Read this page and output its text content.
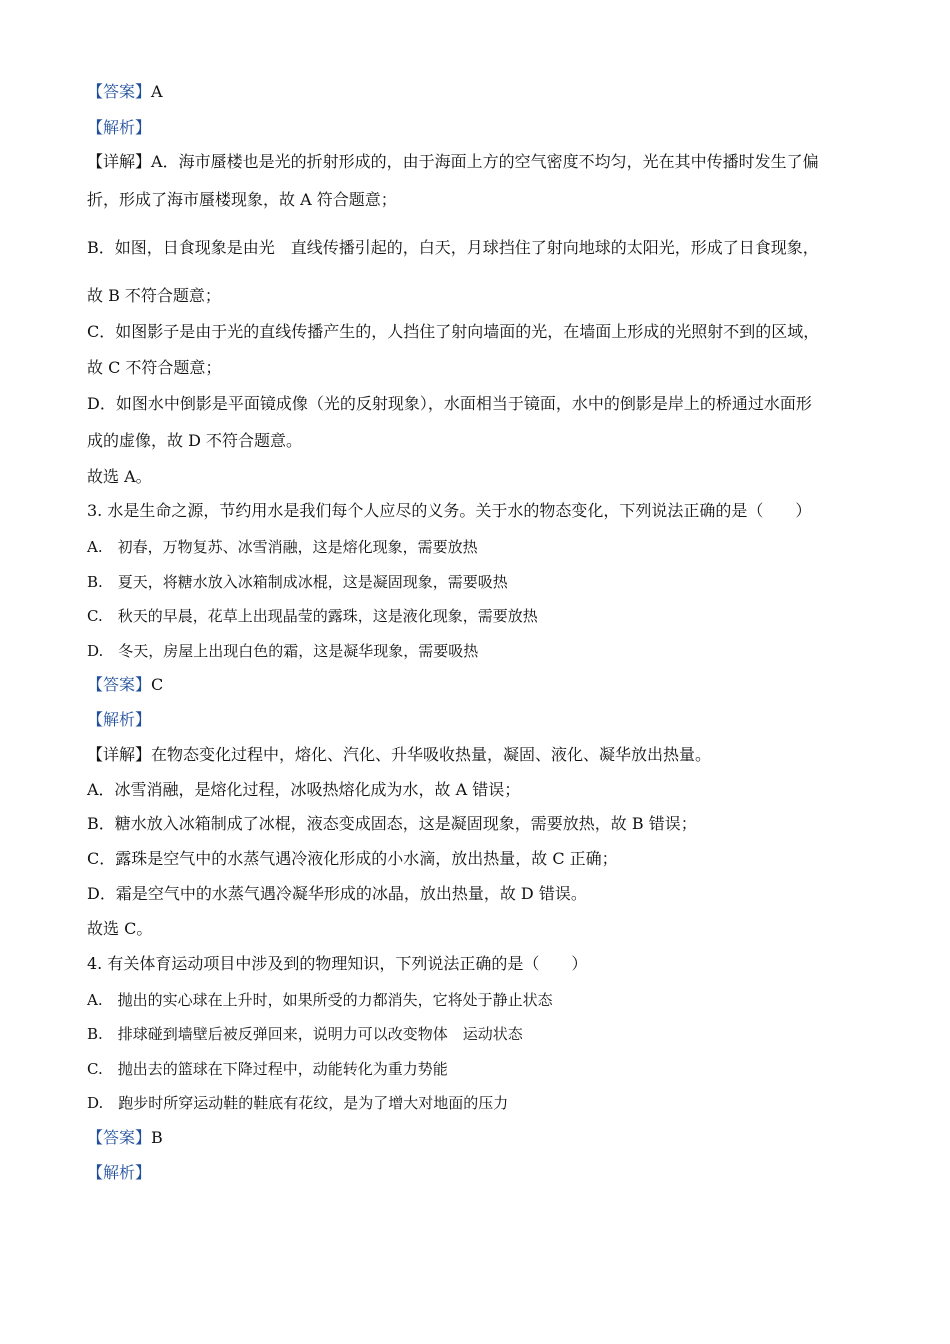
【答案】A
【解析】
【详解】A．海市蜃楼也是光的折射形成的，由于海面上方的空气密度不均匀，光在其中传播时发生了偏
折，形成了海市蜃楼现象，故 A 符合题意；
B．如图，日食现象是由光　直线传播引起的，白天，月球挡住了射向地球的太阳光，形成了日食现象，
故 B 不符合题意；
C．如图影子是由于光的直线传播产生的，人挡住了射向墙面的光，在墙面上形成的光照射不到的区域，
故 C 不符合题意；
D．如图水中倒影是平面镜成像（光的反射现象），水面相当于镜面，水中的倒影是岸上的桥通过水面形
成的虚像，故 D 不符合题意。
故选 A。
3. 水是生命之源，节约用水是我们每个人应尽的义务。关于水的物态变化，下列说法正确的是（　　）
A.　初春，万物复苏、冰雪消融，这是熔化现象，需要放热
B.　夏天，将糖水放入冰箱制成冰棍，这是凝固现象，需要吸热
C.　秋天的早晨，花草上出现晶莹的露珠，这是液化现象，需要放热
D.　冬天，房屋上出现白色的霜，这是凝华现象，需要吸热
【答案】C
【解析】
【详解】在物态变化过程中，熔化、汽化、升华吸收热量，凝固、液化、凝华放出热量。
A．冰雪消融，是熔化过程，冰吸热熔化成为水，故 A 错误；
B．糖水放入冰箱制成了冰棍，液态变成固态，这是凝固现象，需要放热，故 B 错误；
C．露珠是空气中的水蒸气遇冷液化形成的小水滴，放出热量，故 C 正确；
D．霜是空气中的水蒸气遇冷凝华形成的冰晶，放出热量，故 D 错误。
故选 C。
4. 有关体育运动项目中涉及到的物理知识，下列说法正确的是（　　）
A.　抛出的实心球在上升时，如果所受的力都消失，它将处于静止状态
B.　排球碰到墙壁后被反弹回来，说明力可以改变物体　运动状态
C.　抛出去的篮球在下降过程中，动能转化为重力势能
D.　跑步时所穿运动鞋的鞋底有花纹，是为了增大对地面的压力
【答案】B
【解析】
